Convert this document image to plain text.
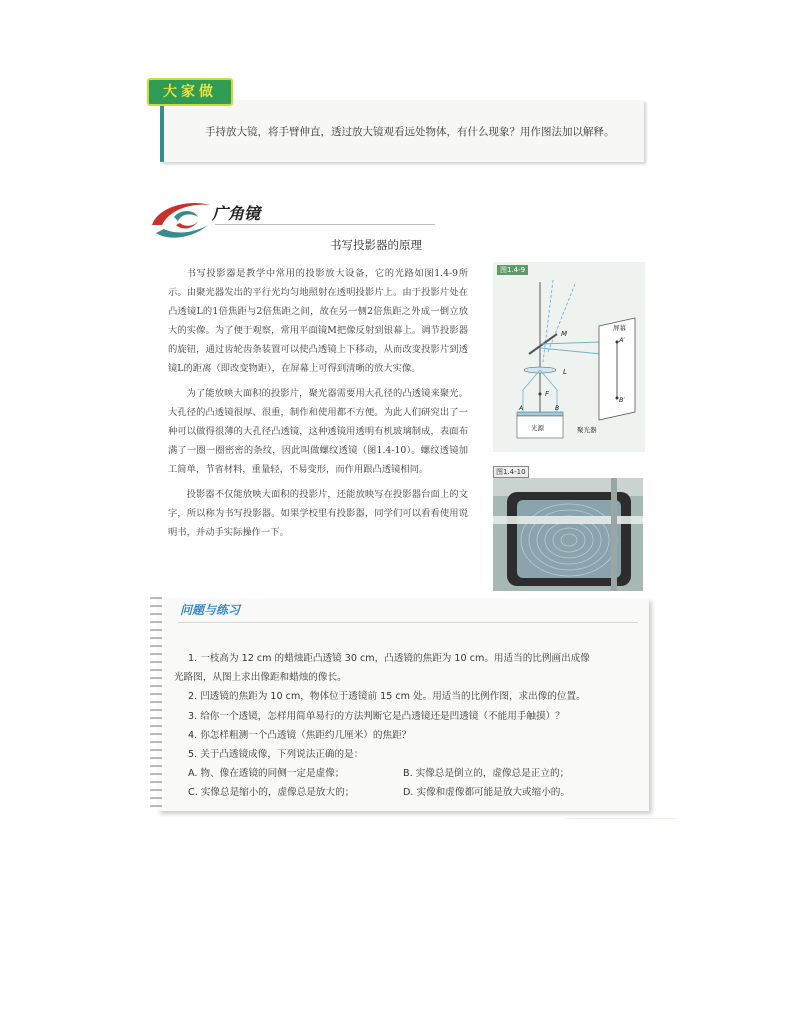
大家做
手持放大镜，将手臂伸直，透过放大镜观看远处物体，有什么现象？用作图法加以解释。
广角镜
书写投影器的原理

书写投影器是教学中常用的投影放大设备，它的光路如图1.4-9所示。由聚光器发出的平行光均匀地照射在透明投影片上。由于投影片处在凸透镜L的1倍焦距与2倍焦距之间，故在另一侧2倍焦距之外成一倒立放大的实像。为了便于观察，常用平面镜M把像反射到银幕上。调节投影器的旋钮，通过齿轮齿条装置可以使凸透镜上下移动，从而改变投影片到透镜L的距离（即改变物距），在屏幕上可得到清晰的放大实像。

为了能放映大面积的投影片，聚光器需要用大孔径的凸透镜来聚光。大孔径的凸透镜很厚、很重，制作和使用都不方便。为此人们研究出了一种可以做得很薄的大孔径凸透镜，这种透镜用透明有机玻璃制成，表面布满了一圈一圈密密的条纹，因此叫做螺纹透镜（图1.4-10）。螺纹透镜加工简单，节省材料，重量轻，不易变形，而作用跟凸透镜相同。

投影器不仅能放映大面积的投影片，还能放映写在投影器台面上的文字，所以称为书写投影器。如果学校里有投影器，同学们可以看看使用说明书，并动手实际操作一下。

M
L
F
A′
B′
A	B
屏幕
光源	聚光器
图1.4-9
图1.4-10
问题与练习

1. 一枝高为 12 cm 的蜡烛距凸透镜 30 cm，凸透镜的焦距为 10 cm。用适当的比例画出成像

光路图，从图上求出像距和蜡烛的像长。

2. 凹透镜的焦距为 10 cm，物体位于透镜前 15 cm 处。用适当的比例作图，求出像的位置。

3. 给你一个透镜，怎样用简单易行的方法判断它是凸透镜还是凹透镜（不能用手触摸）？

4. 你怎样粗测一个凸透镜（焦距约几厘米）的焦距？

5. 关于凸透镜成像，下列说法正确的是：

A. 物、像在透镜的同侧一定是虚像；	B. 实像总是倒立的，虚像总是正立的；
C. 实像总是缩小的，虚像总是放大的；	D. 实像和虚像都可能是放大或缩小的。
